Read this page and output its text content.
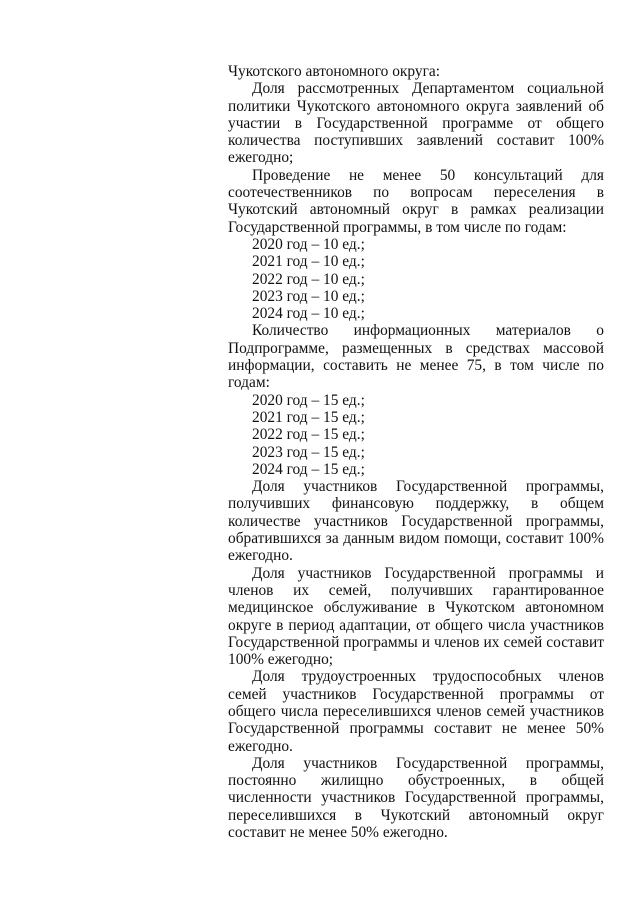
Чукотского автономного округа:

Доля рассмотренных Департаментом социальной политики Чукотского автономного округа заявлений об участии в Государственной программе от общего количества поступивших заявлений составит 100% ежегодно;

Проведение не менее 50 консультаций для соотечественников по вопросам переселения в Чукотский автономный округ в рамках реализации Государственной программы, в том числе по годам:

2020 год – 10 ед.;

2021 год – 10 ед.;

2022 год – 10 ед.;

2023 год – 10 ед.;

2024 год – 10 ед.;

Количество информационных материалов о Подпрограмме, размещенных в средствах массовой информации, составить не менее 75, в том числе по годам:

2020 год – 15 ед.;

2021 год – 15 ед.;

2022 год – 15 ед.;

2023 год – 15 ед.;

2024 год – 15 ед.;

Доля участников Государственной программы, получивших финансовую поддержку, в общем количестве участников Государственной программы, обратившихся за данным видом помощи, составит 100% ежегодно.

Доля участников Государственной программы и членов их семей, получивших гарантированное медицинское обслуживание в Чукотском автономном округе в период адаптации, от общего числа участников Государственной программы и членов их семей составит 100% ежегодно;

Доля трудоустроенных трудоспособных членов семей участников Государственной программы от общего числа переселившихся членов семей участников Государственной программы составит не менее 50% ежегодно.

Доля участников Государственной программы, постоянно жилищно обустроенных, в общей численности участников Государственной программы, переселившихся в Чукотский автономный округ составит не менее 50% ежегодно.
